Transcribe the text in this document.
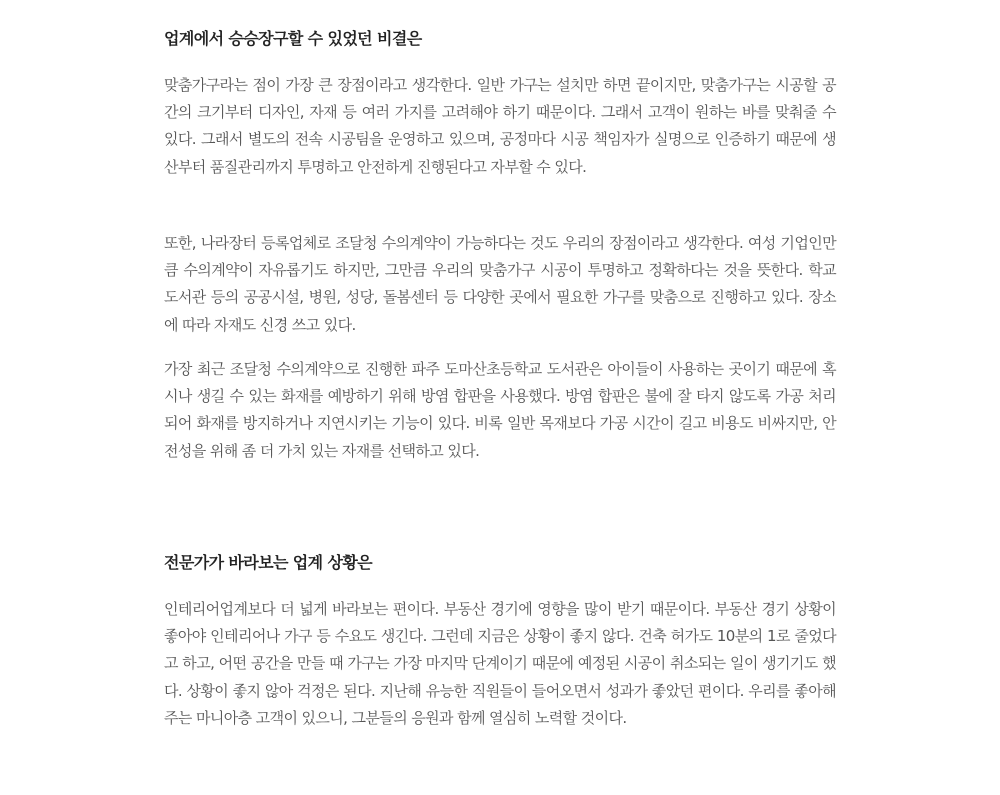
업계에서 승승장구할 수 있었던 비결은

맞춤가구라는 점이 가장 큰 장점이라고 생각한다. 일반 가구는 설치만 하면 끝이지만, 맞춤가구는 시공할 공간의 크기부터 디자인, 자재 등 여러 가지를 고려해야 하기 때문이다. 그래서 고객이 원하는 바를 맞춰줄 수 있다. 그래서 별도의 전속 시공팀을 운영하고 있으며, 공정마다 시공 책임자가 실명으로 인증하기 때문에 생산부터 품질관리까지 투명하고 안전하게 진행된다고 자부할 수 있다.

또한, 나라장터 등록업체로 조달청 수의계약이 가능하다는 것도 우리의 장점이라고 생각한다. 여성 기업인만큼 수의계약이 자유롭기도 하지만, 그만큼 우리의 맞춤가구 시공이 투명하고 정확하다는 것을 뜻한다. 학교 도서관 등의 공공시설, 병원, 성당, 돌봄센터 등 다양한 곳에서 필요한 가구를 맞춤으로 진행하고 있다. 장소에 따라 자재도 신경 쓰고 있다.

가장 최근 조달청 수의계약으로 진행한 파주 도마산초등학교 도서관은 아이들이 사용하는 곳이기 때문에 혹시나 생길 수 있는 화재를 예방하기 위해 방염 합판을 사용했다. 방염 합판은 불에 잘 타지 않도록 가공 처리되어 화재를 방지하거나 지연시키는 기능이 있다. 비록 일반 목재보다 가공 시간이 길고 비용도 비싸지만, 안전성을 위해 좀 더 가치 있는 자재를 선택하고 있다.

전문가가 바라보는 업계 상황은

인테리어업계보다 더 넓게 바라보는 편이다. 부동산 경기에 영향을 많이 받기 때문이다. 부동산 경기 상황이 좋아야 인테리어나 가구 등 수요도 생긴다. 그런데 지금은 상황이 좋지 않다. 건축 허가도 10분의 1로 줄었다고 하고, 어떤 공간을 만들 때 가구는 가장 마지막 단계이기 때문에 예정된 시공이 취소되는 일이 생기기도 했다. 상황이 좋지 않아 걱정은 된다. 지난해 유능한 직원들이 들어오면서 성과가 좋았던 편이다. 우리를 좋아해 주는 마니아층 고객이 있으니, 그분들의 응원과 함께 열심히 노력할 것이다.
